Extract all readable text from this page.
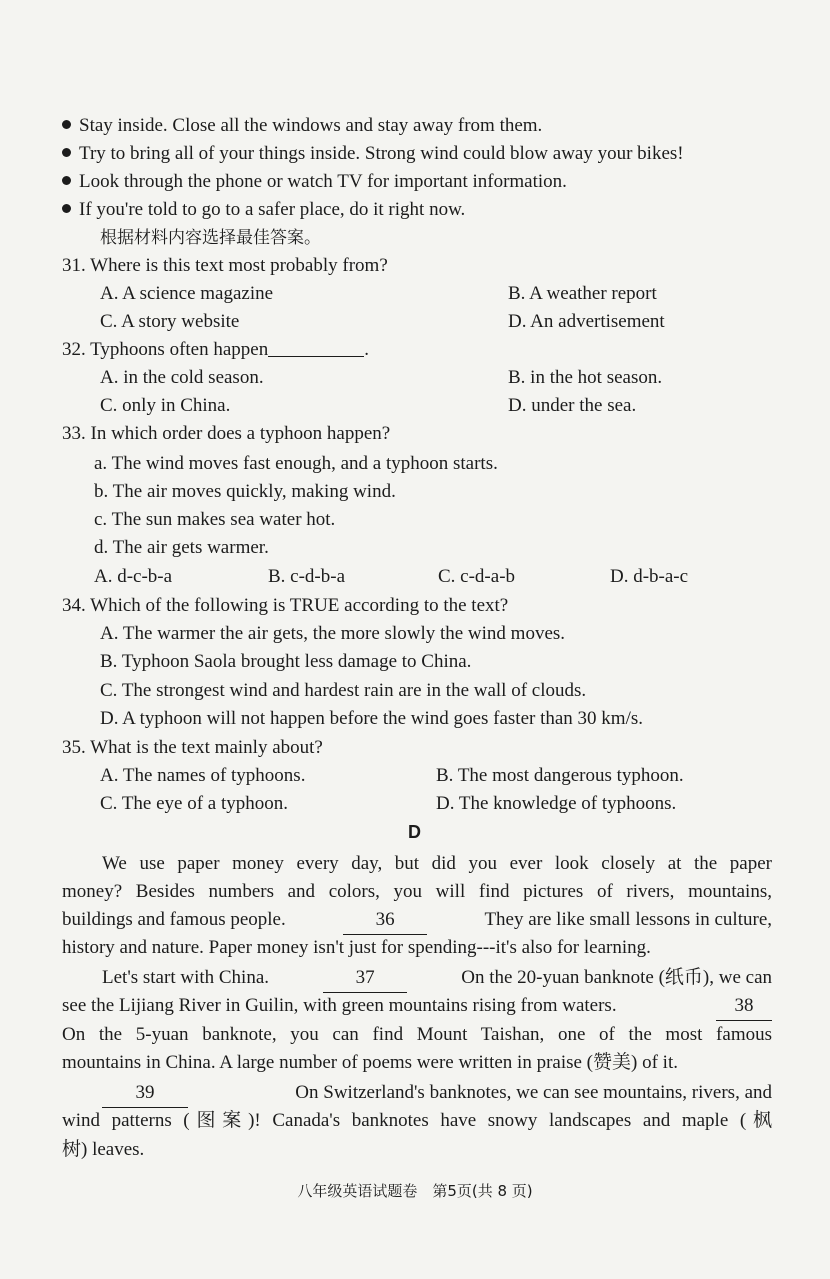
Stay inside. Close all the windows and stay away from them.
Try to bring all of your things inside. Strong wind could blow away your bikes!
Look through the phone or watch TV for important information.
If you're told to go to a safer place, do it right now.
根据材料内容选择最佳答案。
31. Where is this text most probably from?
A. A science magazine	B. A weather report
C. A story website	D. An advertisement
32. Typhoons often happen	.
A. in the cold season.	B. in the hot season.
C. only in China.	D. under the sea.
33. In which order does a typhoon happen?
a. The wind moves fast enough, and a typhoon starts.
b. The air moves quickly, making wind.
c. The sun makes sea water hot.
d. The air gets warmer.
A. d-c-b-a	B. c-d-b-a	C. c-d-a-b	D. d-b-a-c
34. Which of the following is TRUE according to the text?
A. The warmer the air gets, the more slowly the wind moves.
B. Typhoon Saola brought less damage to China.
C. The strongest wind and hardest rain are in the wall of clouds.
D. A typhoon will not happen before the wind goes faster than 30 km/s.
35. What is the text mainly about?
A. The names of typhoons.	B. The most dangerous typhoon.
C. The eye of a typhoon.	D. The knowledge of typhoons.
D
We use paper money every day, but did you ever look closely at the paper
money? Besides numbers and colors, you will find pictures of rivers, mountains,
buildings and famous people.	36	They are like small lessons in culture,
history and nature. Paper money isn't just for spending---it's also for learning.
Let's start with China.	37	On the 20-yuan banknote (纸币), we can
see the Lijiang River in Guilin, with green mountains rising from waters.	38
On the 5-yuan banknote, you can find Mount Taishan, one of the most famous
mountains in China. A large number of poems were written in praise (赞美) of it.
39	On Switzerland's banknotes, we can see mountains, rivers, and
wind patterns (图案)! Canada's banknotes have snowy landscapes and maple (枫
树) leaves.
八年级英语试题卷　第5页(共 8 页)
